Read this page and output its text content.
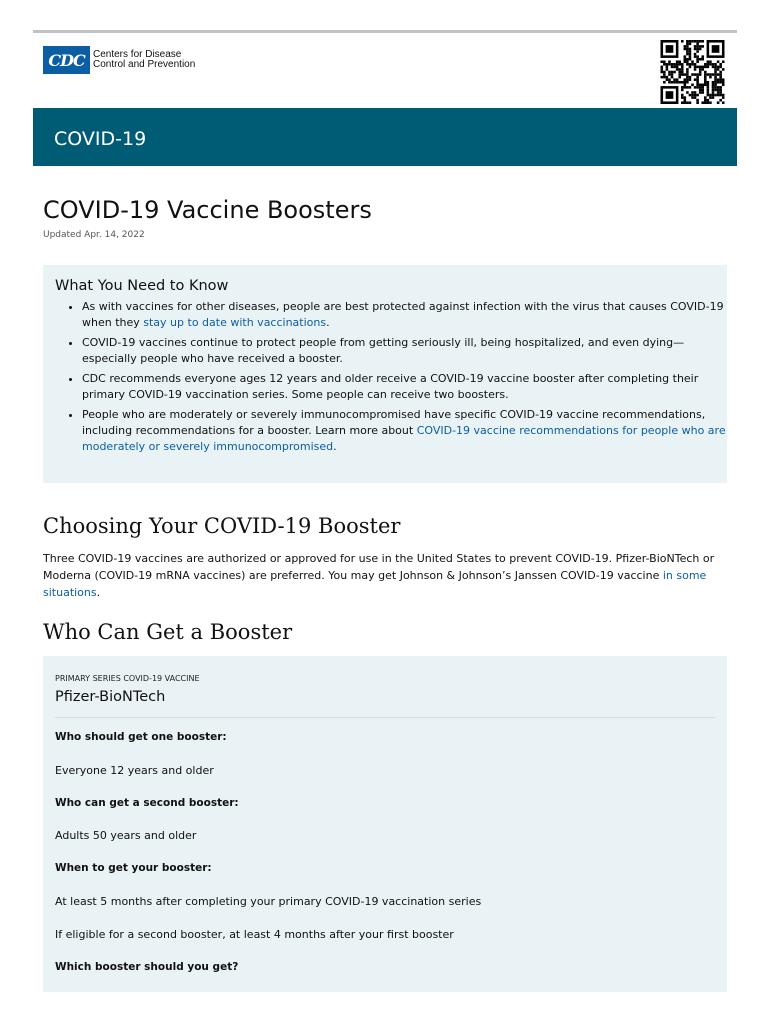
CDC Centers for Disease
Control and Prevention
COVID-19
COVID-19 Vaccine Boosters
Updated Apr. 14, 2022
What You Need to Know
• As with vaccines for other diseases, people are best protected against infection with the virus that causes COVID-19 when they stay up to date with vaccinations.
• COVID-19 vaccines continue to protect people from getting seriously ill, being hospitalized, and even dying—especially people who have received a booster.
• CDC recommends everyone ages 12 years and older receive a COVID-19 vaccine booster after completing their primary COVID-19 vaccination series. Some people can receive two boosters.
• People who are moderately or severely immunocompromised have specific COVID-19 vaccine recommendations, including recommendations for a booster. Learn more about COVID-19 vaccine recommendations for people who are moderately or severely immunocompromised.
Choosing Your COVID-19 Booster
Three COVID-19 vaccines are authorized or approved for use in the United States to prevent COVID-19. Pfizer-BioNTech or Moderna (COVID-19 mRNA vaccines) are preferred. You may get Johnson & Johnson’s Janssen COVID-19 vaccine in some situations.
Who Can Get a Booster
PRIMARY SERIES COVID-19 VACCINE
Pfizer-BioNTech
Who should get one booster:
Everyone 12 years and older
Who can get a second booster:
Adults 50 years and older
When to get your booster:
At least 5 months after completing your primary COVID-19 vaccination series
If eligible for a second booster, at least 4 months after your first booster
Which booster should you get?
